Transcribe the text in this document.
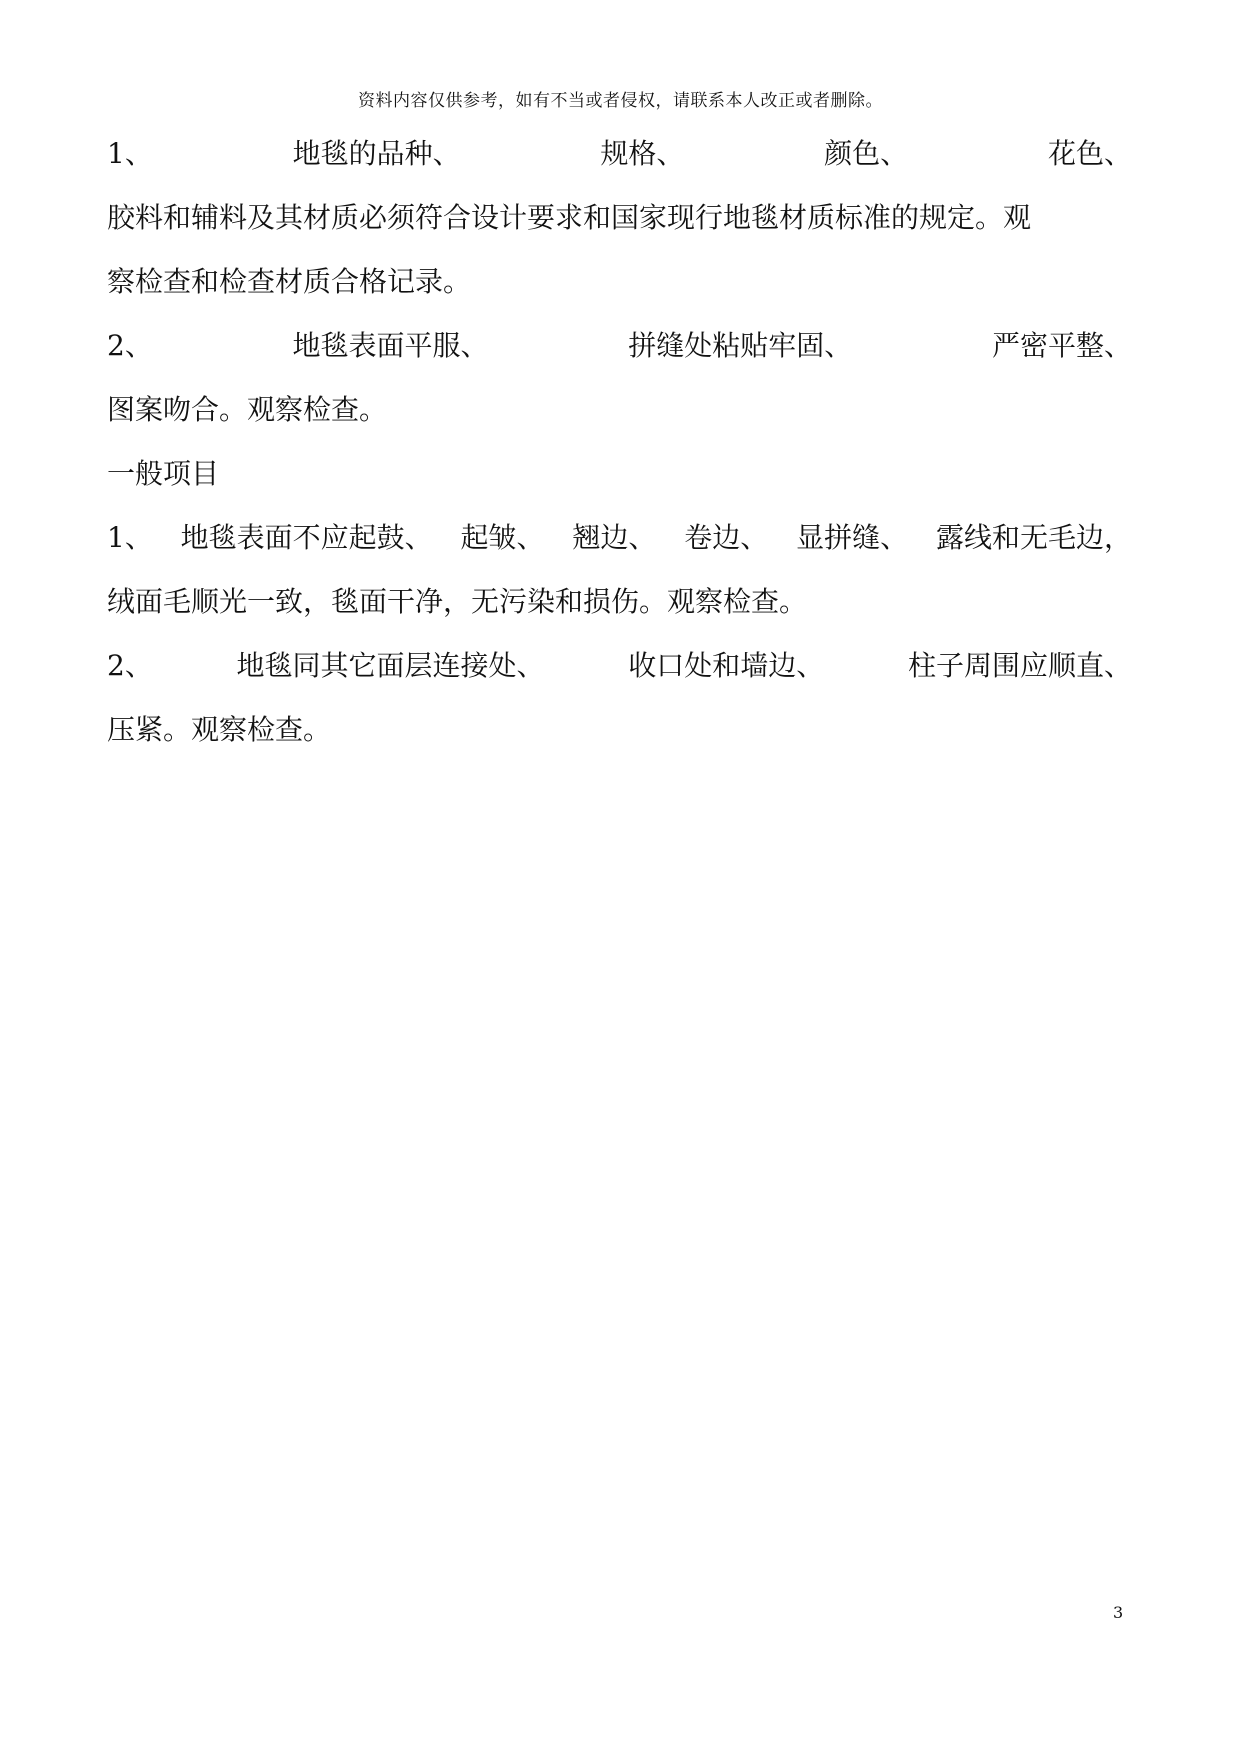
资料内容仅供参考，如有不当或者侵权，请联系本人改正或者删除。
1、	地毯的品种、	规格、	颜色、	花色、
胶料和辅料及其材质必须符合设计要求和国家现行地毯材质标准的规定。观
察检查和检查材质合格记录。
2、	地毯表面平服、	拼缝处粘贴牢固、	严密平整、
图案吻合。观察检查。
一般项目
1、 地毯表面不应起鼓、 起皱、 翘边、 卷边、 显拼缝、 露线和无毛边，
绒面毛顺光一致，毯面干净，无污染和损伤。观察检查。
2、	地毯同其它面层连接处、	收口处和墙边、	柱子周围应顺直、
压紧。观察检查。
3
